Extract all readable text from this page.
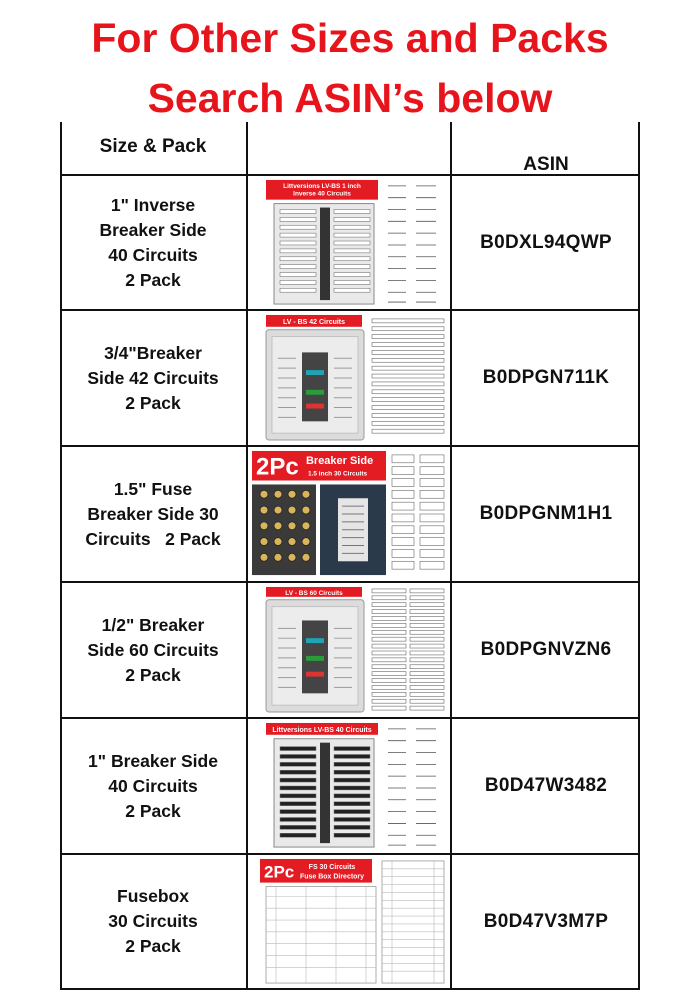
For Other Sizes and Packs
Search ASIN’s below
Size & Pack
ASIN
1" Inverse
Breaker Side
40 Circuits
2 Pack
Littversions LV-BS 1 inch
Inverse 40 Circuits
B0DXL94QWP
3/4"Breaker
Side 42 Circuits
2 Pack
LV - BS 42 Circuits
B0DPGN711K
1.5" Fuse
Breaker Side 30
Circuits   2 Pack
2Pc Breaker Side
1.5 inch 30 Circuits
B0DPGNM1H1
1/2" Breaker
Side 60 Circuits
2 Pack
LV - BS 60 Circuits
B0DPGNVZN6
1" Breaker Side
40 Circuits
2 Pack
Littversions LV-BS 40 Circuits
B0D47W3482
Fusebox
30 Circuits
2 Pack
2Pc FS 30 Circuits
Fuse Box Directory
B0D47V3M7P
